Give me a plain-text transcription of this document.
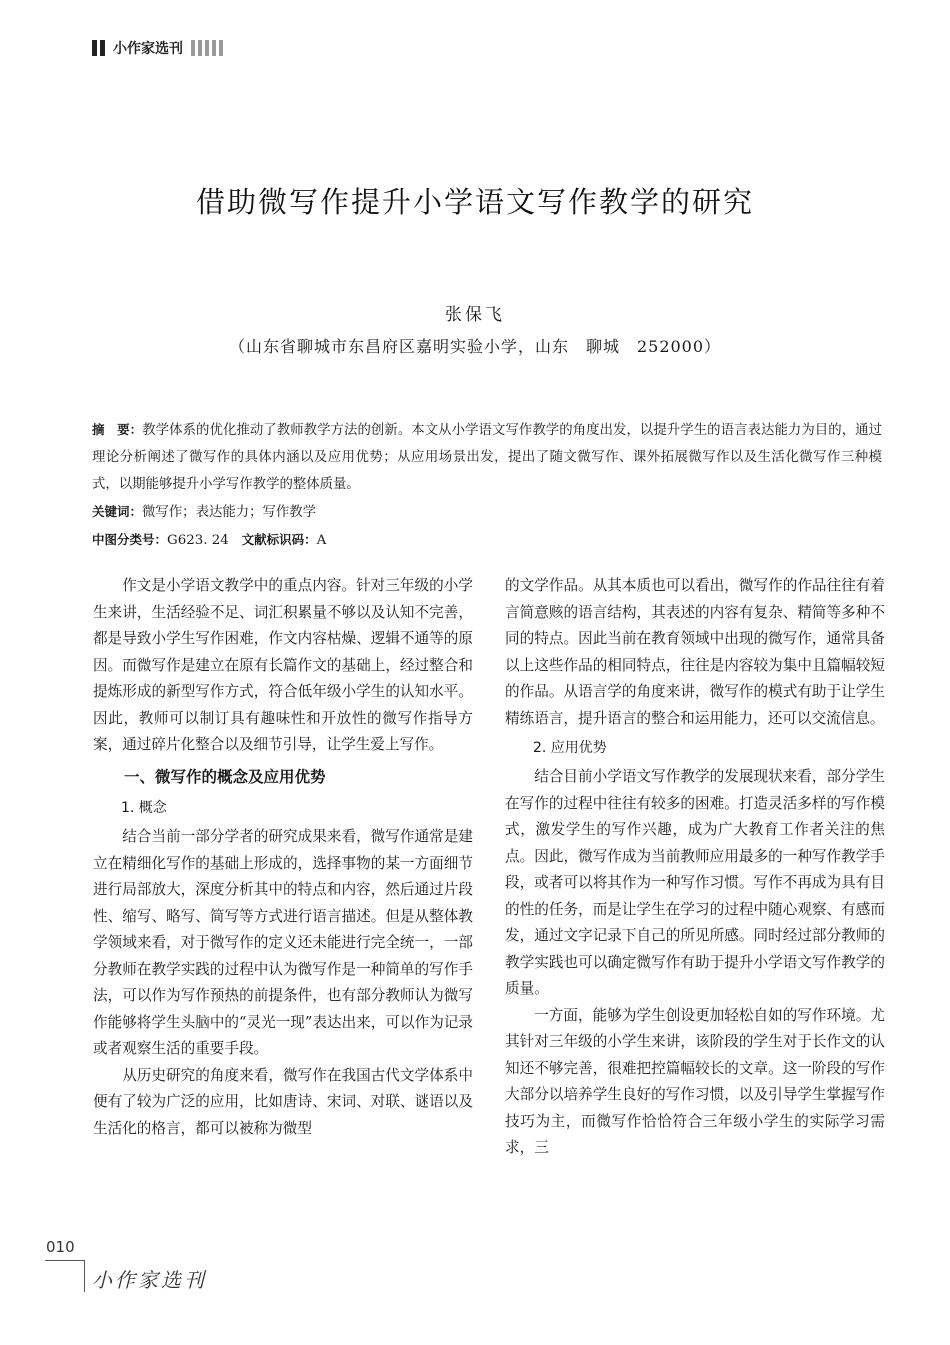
小作家选刊
借助微写作提升小学语文写作教学的研究
张保飞
（山东省聊城市东昌府区嘉明实验小学，山东　聊城　252000）

摘　要：教学体系的优化推动了教师教学方法的创新。本文从小学语文写作教学的角度出发，以提升学生的语言表达能力为目的，通过理论分析阐述了微写作的具体内涵以及应用优势；从应用场景出发，提出了随文微写作、课外拓展微写作以及生活化微写作三种模式，以期能够提升小学写作教学的整体质量。

关键词：微写作；表达能力；写作教学

中图分类号：G623. 24 文献标识码：A

作文是小学语文教学中的重点内容。针对三年级的小学生来讲，生活经验不足、词汇积累量不够以及认知不完善，都是导致小学生写作困难，作文内容枯燥、逻辑不通等的原因。而微写作是建立在原有长篇作文的基础上，经过整合和提炼形成的新型写作方式，符合低年级小学生的认知水平。因此，教师可以制订具有趣味性和开放性的微写作指导方案，通过碎片化整合以及细节引导，让学生爱上写作。

一、微写作的概念及应用优势
1. 概念

结合当前一部分学者的研究成果来看，微写作通常是建立在精细化写作的基础上形成的，选择事物的某一方面细节进行局部放大，深度分析其中的特点和内容，然后通过片段性、缩写、略写、简写等方式进行语言描述。但是从整体教学领域来看，对于微写作的定义还未能进行完全统一，一部分教师在教学实践的过程中认为微写作是一种简单的写作手法，可以作为写作预热的前提条件，也有部分教师认为微写作能够将学生头脑中的“灵光一现”表达出来，可以作为记录或者观察生活的重要手段。

从历史研究的角度来看，微写作在我国古代文学体系中便有了较为广泛的应用，比如唐诗、宋词、对联、谜语以及生活化的格言，都可以被称为微型

的文学作品。从其本质也可以看出，微写作的作品往往有着言简意赅的语言结构，其表述的内容有复杂、精简等多种不同的特点。因此当前在教育领域中出现的微写作，通常具备以上这些作品的相同特点，往往是内容较为集中且篇幅较短的作品。从语言学的角度来讲，微写作的模式有助于让学生精练语言，提升语言的整合和运用能力，还可以交流信息。

2. 应用优势

结合目前小学语文写作教学的发展现状来看，部分学生在写作的过程中往往有较多的困难。打造灵活多样的写作模式，激发学生的写作兴趣，成为广大教育工作者关注的焦点。因此，微写作成为当前教师应用最多的一种写作教学手段，或者可以将其作为一种写作习惯。写作不再成为具有目的性的任务，而是让学生在学习的过程中随心观察、有感而发，通过文字记录下自己的所见所感。同时经过部分教师的教学实践也可以确定微写作有助于提升小学语文写作教学的质量。

一方面，能够为学生创设更加轻松自如的写作环境。尤其针对三年级的小学生来讲，该阶段的学生对于长作文的认知还不够完善，很难把控篇幅较长的文章。这一阶段的写作大部分以培养学生良好的写作习惯，以及引导学生掌握写作技巧为主，而微写作恰恰符合三年级小学生的实际学习需求，三

010
小作家选刊
